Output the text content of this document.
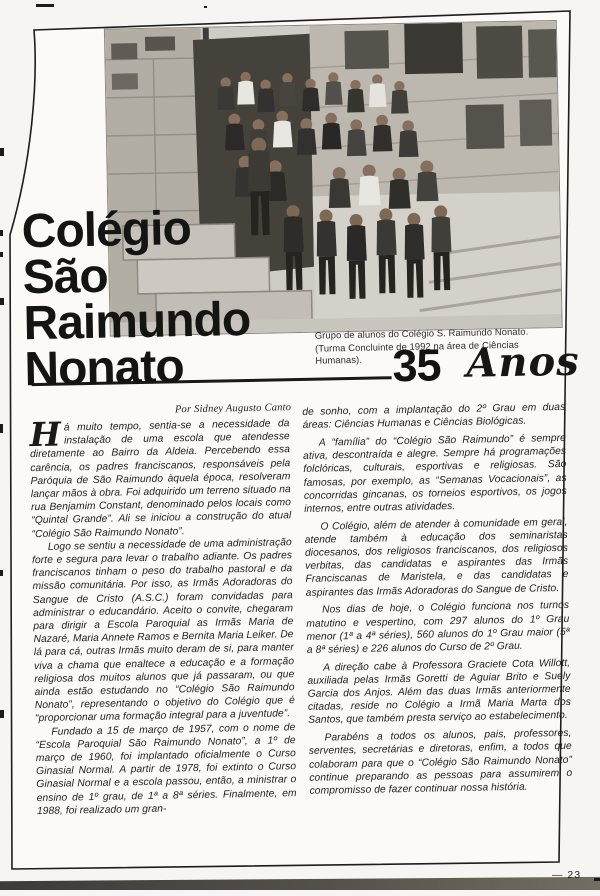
Colégio
São
Raimundo
Nonato
Grupo de alunos do Colégio S. Raimundo Nonato.
(Turma Concluinte de 1992 na área de Ciências Humanas). 35 Anos
Por Sidney Augusto Canto

Há muito tempo, sentia-se a necessidade da instalação de uma escola que atendesse diretamente ao Bairro da Aldeia. Percebendo essa carência, os padres franciscanos, responsáveis pela Paróquia de São Raimundo àquela época, resolveram lançar mãos à obra. Foi adquirido um terreno situado na rua Benjamim Constant, denominado pelos locais como “Quintal Grande”. Ali se iniciou a construção do atual “Colégio São Raimundo Nonato”.

Logo se sentiu a necessidade de uma administração forte e segura para levar o trabalho adiante. Os padres franciscanos tinham o peso do trabalho pastoral e da missão comunitária. Por isso, as Irmãs Adoradoras do Sangue de Cristo (A.S.C.) foram convidadas para administrar o educandário. Aceito o convite, chegaram para dirigir a Escola Paroquial as Irmãs Maria de Nazaré, Maria Annete Ramos e Bernita Maria Leiker. De lá para cá, outras Irmãs muito deram de si, para manter viva a chama que enaltece a educação e a formação religiosa dos muitos alunos que já passaram, ou que ainda estão estudando no “Colégio São Raimundo Nonato”, representando o objetivo do Colégio que é “proporcionar uma formação integral para a juventude”.

Fundado a 15 de março de 1957, com o nome de “Escola Paroquial São Raimundo Nonato”, a 1º de março de 1960, foi implantado oficialmente o Curso Ginasial Normal. A partir de 1978, foi extinto o Curso Ginasial Normal e a escola passou, então, a ministrar o ensino de 1º grau, de 1ª a 8ª séries. Finalmente, em 1988, foi realizado um gran-

de sonho, com a implantação do 2º Grau em duas áreas: Ciências Humanas e Ciências Biológicas.

A “família” do “Colégio São Raimundo” é sempre ativa, descontraída e alegre. Sempre há programações folclóricas, culturais, esportivas e religiosas. São famosas, por exemplo, as “Semanas Vocacionais”, as concorridas gincanas, os torneios esportivos, os jogos internos, entre outras atividades.

O Colégio, além de atender à comunidade em geral, atende também à educação dos seminaristas diocesanos, dos religiosos franciscanos, dos religiosos verbitas, das candidatas e aspirantes das Irmãs Franciscanas de Maristela, e das candidatas e aspirantes das Irmãs Adoradoras do Sangue de Cristo.

Nos dias de hoje, o Colégio funciona nos turnos matutino e vespertino, com 297 alunos do 1º Grau menor (1ª a 4ª séries), 560 alunos do 1º Grau maior (5ª a 8ª séries) e 226 alunos do Curso de 2º Grau.

A direção cabe à Professora Graciete Cota Willott, auxiliada pelas Irmãs Goretti de Aguiar Brito e Suely Garcia dos Anjos. Além das duas Irmãs anteriormente citadas, reside no Colégio a Irmã Maria Marta dos Santos, que também presta serviço ao estabelecimento.

Parabéns a todos os alunos, pais, professores, serventes, secretárias e diretoras, enfim, a todos que colaboram para que o “Colégio São Raimundo Nonato” continue preparando as pessoas para assumirem o compromisso de fazer continuar nossa história.

— 23
